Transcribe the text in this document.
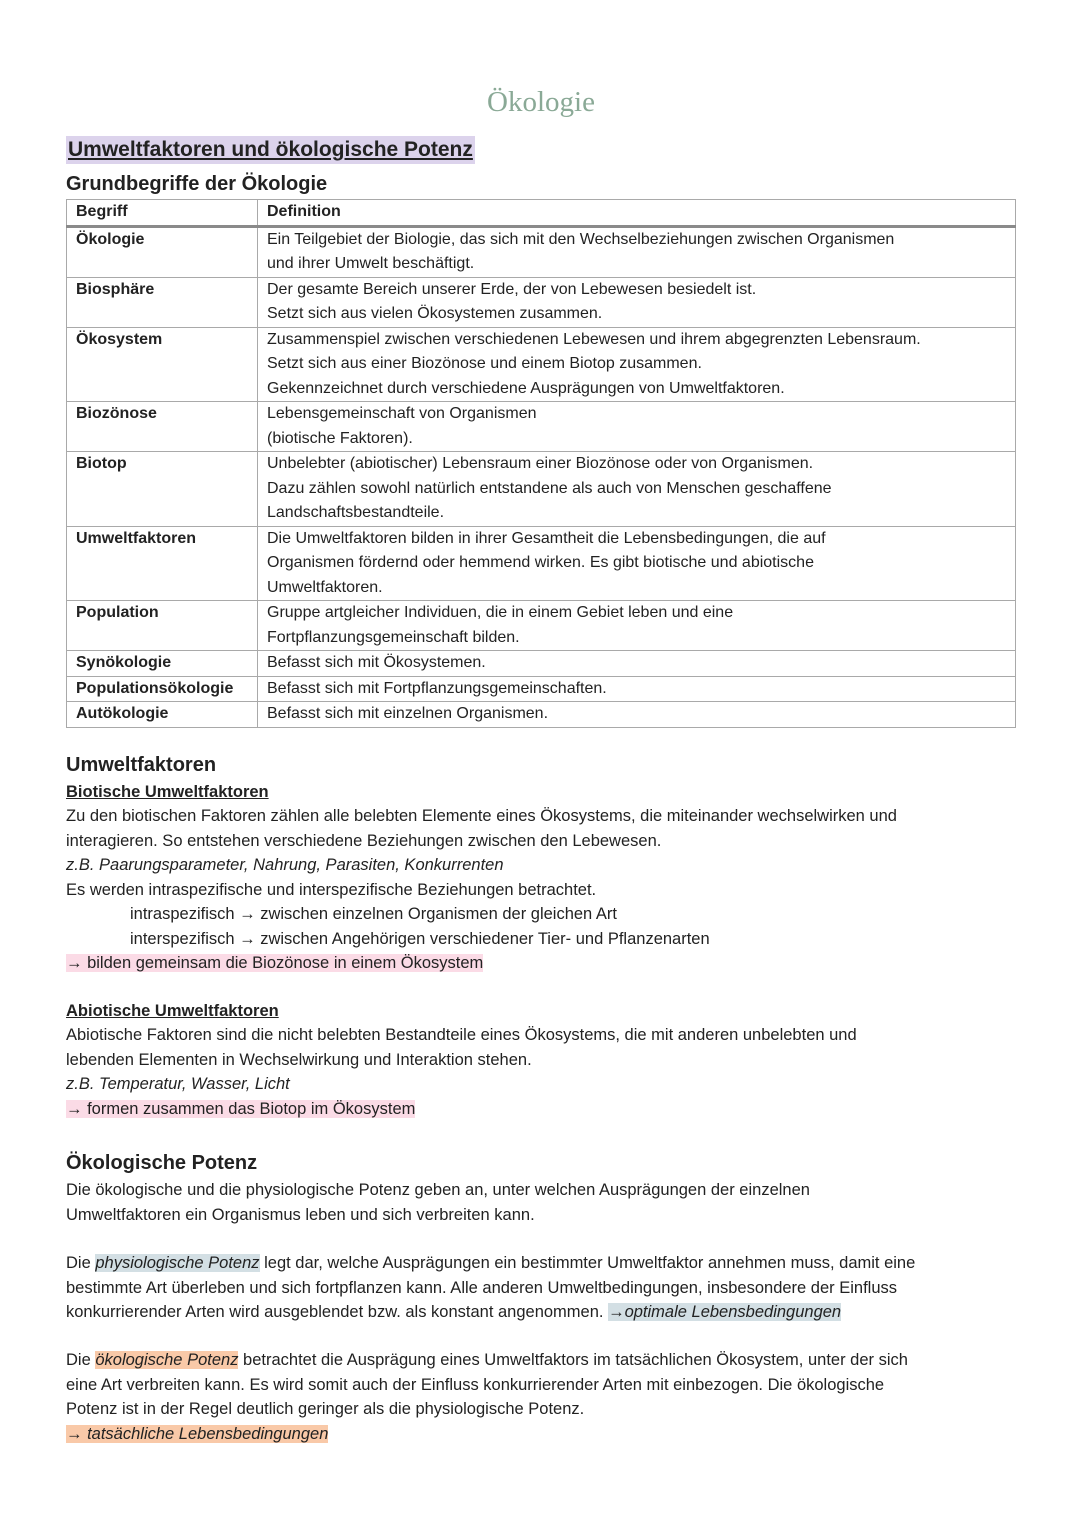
Ökologie
Umweltfaktoren und ökologische Potenz
Grundbegriffe der Ökologie
Begriff	Definition
Ökologie	Ein Teilgebiet der Biologie, das sich mit den Wechselbeziehungen zwischen Organismen
und ihrer Umwelt beschäftigt.

Biosphäre	Der gesamte Bereich unserer Erde, der von Lebewesen besiedelt ist.
Setzt sich aus vielen Ökosystemen zusammen.

Ökosystem	Zusammenspiel zwischen verschiedenen Lebewesen und ihrem abgegrenzten Lebensraum.
Setzt sich aus einer Biozönose und einem Biotop zusammen.
Gekennzeichnet durch verschiedene Ausprägungen von Umweltfaktoren.

Biozönose	Lebensgemeinschaft von Organismen
(biotische Faktoren).

Biotop	Unbelebter (abiotischer) Lebensraum einer Biozönose oder von Organismen.
Dazu zählen sowohl natürlich entstandene als auch von Menschen geschaffene
Landschaftsbestandteile.

Umweltfaktoren	Die Umweltfaktoren bilden in ihrer Gesamtheit die Lebensbedingungen, die auf
Organismen fördernd oder hemmend wirken. Es gibt biotische und abiotische
Umweltfaktoren.

Population	Gruppe artgleicher Individuen, die in einem Gebiet leben und eine
Fortpflanzungsgemeinschaft bilden.

Synökologie	Befasst sich mit Ökosystemen.

Populationsökologie	Befasst sich mit Fortpflanzungsgemeinschaften.

Autökologie	Befasst sich mit einzelnen Organismen.
Umweltfaktoren
Biotische Umweltfaktoren
Zu den biotischen Faktoren zählen alle belebten Elemente eines Ökosystems, die miteinander wechselwirken und
interagieren. So entstehen verschiedene Beziehungen zwischen den Lebewesen.
z.B. Paarungsparameter, Nahrung, Parasiten, Konkurrenten
Es werden intraspezifische und interspezifische Beziehungen betrachtet.
intraspezifisch → zwischen einzelnen Organismen der gleichen Art
interspezifisch → zwischen Angehörigen verschiedener Tier- und Pflanzenarten
→ bilden gemeinsam die Biozönose in einem Ökosystem
Abiotische Umweltfaktoren
Abiotische Faktoren sind die nicht belebten Bestandteile eines Ökosystems, die mit anderen unbelebten und
lebenden Elementen in Wechselwirkung und Interaktion stehen.
z.B. Temperatur, Wasser, Licht
→ formen zusammen das Biotop im Ökosystem
Ökologische Potenz
Die ökologische und die physiologische Potenz geben an, unter welchen Ausprägungen der einzelnen
Umweltfaktoren ein Organismus leben und sich verbreiten kann.
Die physiologische Potenz legt dar, welche Ausprägungen ein bestimmter Umweltfaktor annehmen muss, damit eine
bestimmte Art überleben und sich fortpflanzen kann. Alle anderen Umweltbedingungen, insbesondere der Einfluss
konkurrierender Arten wird ausgeblendet bzw. als konstant angenommen. →optimale Lebensbedingungen
Die ökologische Potenz betrachtet die Ausprägung eines Umweltfaktors im tatsächlichen Ökosystem, unter der sich
eine Art verbreiten kann. Es wird somit auch der Einfluss konkurrierender Arten mit einbezogen. Die ökologische
Potenz ist in der Regel deutlich geringer als die physiologische Potenz.
→ tatsächliche Lebensbedingungen
